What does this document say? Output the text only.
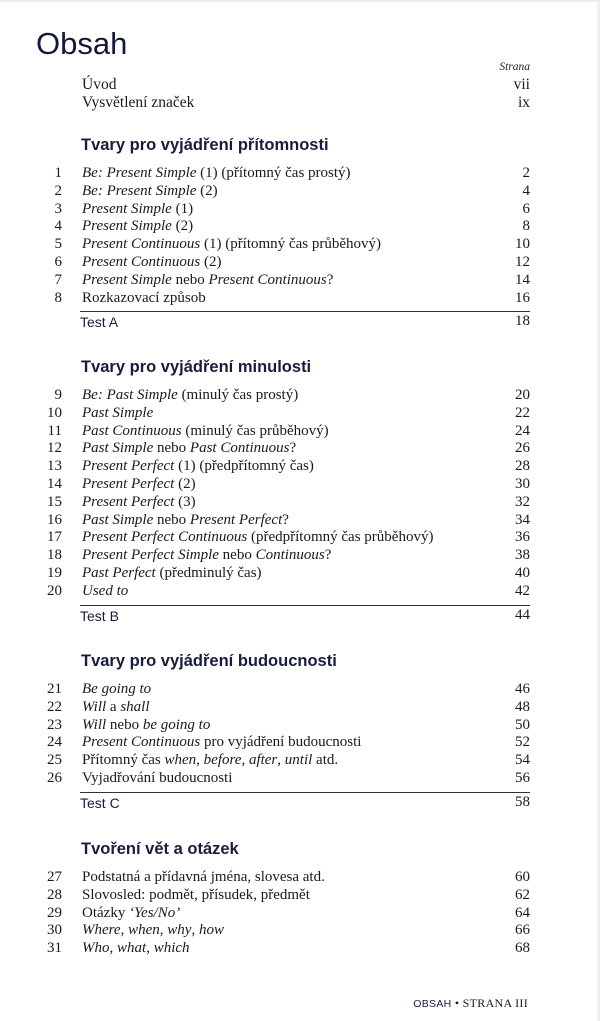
Obsah
Strana
Úvod	vii
Vysvětlení značek	ix
Tvary pro vyjádření přítomnosti
1 Be: Present Simple (1) (přítomný čas prostý)	2
2 Be: Present Simple (2)	4
3 Present Simple (1)	6
4 Present Simple (2)	8
5 Present Continuous (1) (přítomný čas průběhový)	10
6 Present Continuous (2)	12
7 Present Simple nebo Present Continuous?	14
8 Rozkazovací způsob	16
Test A	18
Tvary pro vyjádření minulosti
9 Be: Past Simple (minulý čas prostý)	20
10 Past Simple	22
11 Past Continuous (minulý čas průběhový)	24
12 Past Simple nebo Past Continuous?	26
13 Present Perfect (1) (předpřítomný čas)	28
14 Present Perfect (2)	30
15 Present Perfect (3)	32
16 Past Simple nebo Present Perfect?	34
17 Present Perfect Continuous (předpřítomný čas průběhový)	36
18 Present Perfect Simple nebo Continuous?	38
19 Past Perfect (předminulý čas)	40
20 Used to	42
Test B	44
Tvary pro vyjádření budoucnosti
21 Be going to	46
22 Will a shall	48
23 Will nebo be going to	50
24 Present Continuous pro vyjádření budoucnosti	52
25 Přítomný čas when, before, after, until atd.	54
26 Vyjadřování budoucnosti	56
Test C	58
Tvoření vět a otázek
27 Podstatná a přídavná jména, slovesa atd.	60
28 Slovosled: podmět, přísudek, předmět	62
29 Otázky ‘Yes/No’	64
30 Where, when, why, how	66
31 Who, what, which	68
OBSAH • STRANA III
